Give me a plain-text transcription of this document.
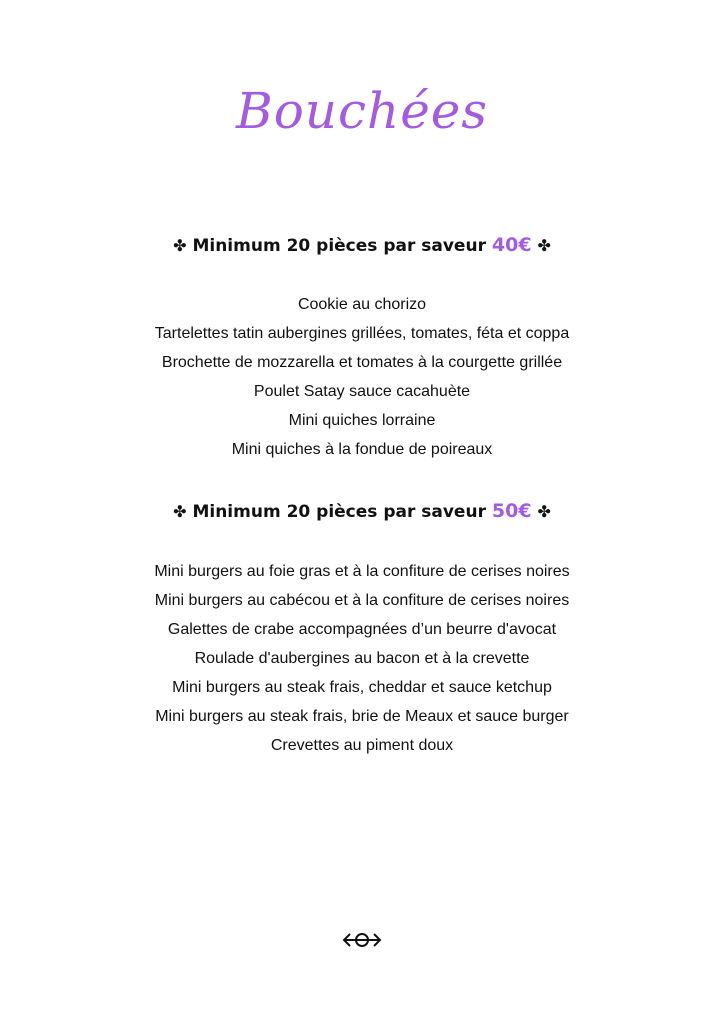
Bouchées
✤ Minimum 20 pièces par saveur 40€ ✤
Cookie au chorizo
Tartelettes tatin aubergines grillées, tomates, féta et coppa
Brochette de mozzarella et tomates à la courgette grillée
Poulet Satay sauce cacahuète
Mini quiches lorraine
Mini quiches à la fondue de poireaux
✤ Minimum 20 pièces par saveur 50€ ✤
Mini burgers au foie gras et à la confiture de cerises noires
Mini burgers au cabécou et à la confiture de cerises noires
Galettes de crabe accompagnées d’un beurre d'avocat
Roulade d'aubergines au bacon et à la crevette
Mini burgers au steak frais, cheddar et sauce ketchup
Mini burgers au steak frais, brie de Meaux et sauce burger
Crevettes au piment doux
